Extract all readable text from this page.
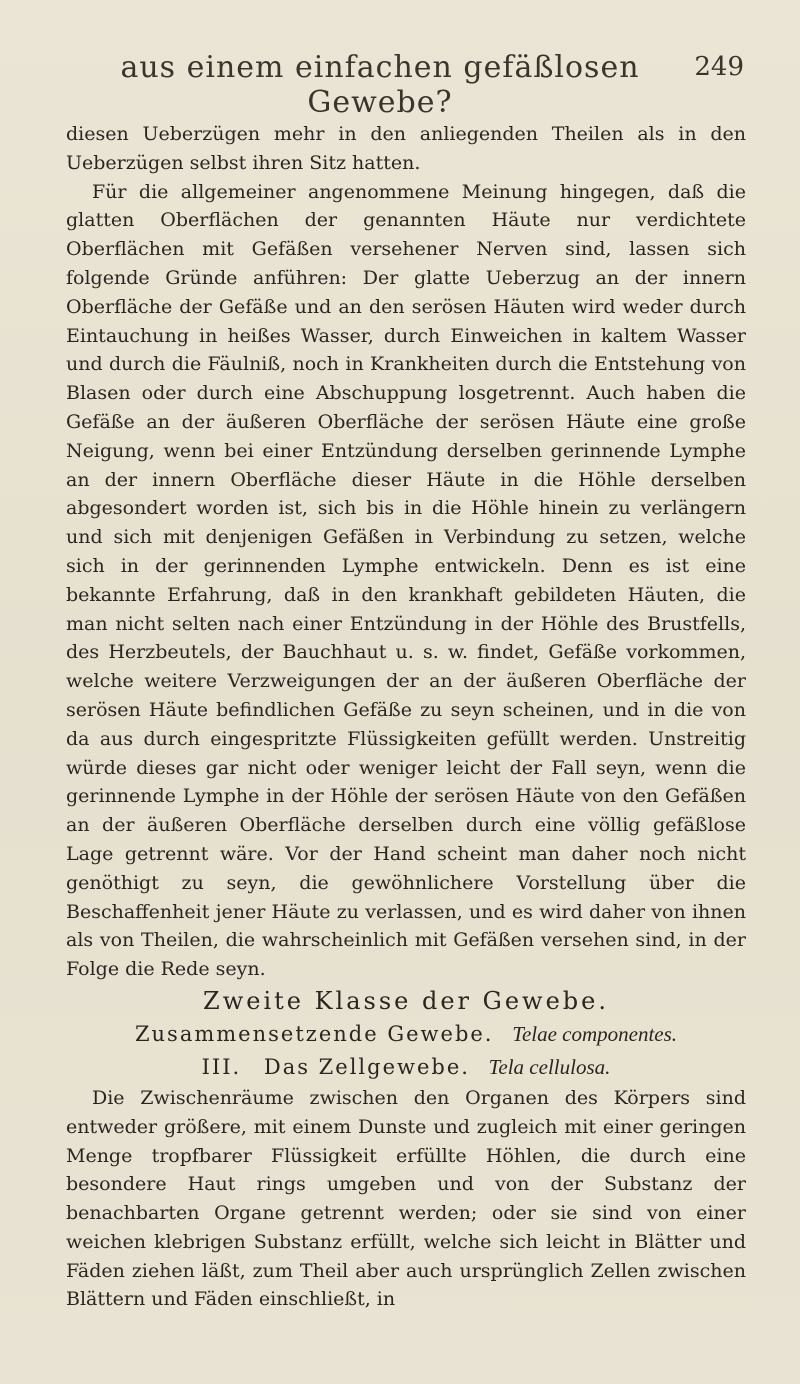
aus einem einfachen gefäßlosen Gewebe?
249

diesen Ueberzügen mehr in den anliegenden Theilen als in den Ueberzügen selbst ihren Sitz hatten.

Für die allgemeiner angenommene Meinung hingegen, daß die glatten Oberflächen der genannten Häute nur verdichtete Oberflächen mit Gefäßen versehener Nerven sind, lassen sich folgende Gründe anführen: Der glatte Ueberzug an der innern Oberfläche der Gefäße und an den serösen Häuten wird weder durch Eintauchung in heißes Wasser, durch Einweichen in kaltem Wasser und durch die Fäulniß, noch in Krankheiten durch die Entstehung von Blasen oder durch eine Abschuppung losgetrennt. Auch haben die Gefäße an der äußeren Oberfläche der serösen Häute eine große Neigung, wenn bei einer Entzündung derselben gerinnende Lymphe an der innern Oberfläche dieser Häute in die Höhle derselben abgesondert worden ist, sich bis in die Höhle hinein zu verlängern und sich mit denjenigen Gefäßen in Verbindung zu setzen, welche sich in der gerinnenden Lymphe entwickeln. Denn es ist eine bekannte Erfahrung, daß in den krankhaft gebildeten Häuten, die man nicht selten nach einer Entzündung in der Höhle des Brustfells, des Herzbeutels, der Bauchhaut u. s. w. findet, Gefäße vorkommen, welche weitere Verzweigungen der an der äußeren Oberfläche der serösen Häute befindlichen Gefäße zu seyn scheinen, und in die von da aus durch eingespritzte Flüssigkeiten gefüllt werden. Unstreitig würde dieses gar nicht oder weniger leicht der Fall seyn, wenn die gerinnende Lymphe in der Höhle der serösen Häute von den Gefäßen an der äußeren Oberfläche derselben durch eine völlig gefäßlose Lage getrennt wäre. Vor der Hand scheint man daher noch nicht genöthigt zu seyn, die gewöhnlichere Vorstellung über die Beschaffenheit jener Häute zu verlassen, und es wird daher von ihnen als von Theilen, die wahrscheinlich mit Gefäßen versehen sind, in der Folge die Rede seyn.

Zweite Klasse der Gewebe.

Zusammensetzende Gewebe. Telae componentes.

III. Das Zellgewebe. Tela cellulosa.

Die Zwischenräume zwischen den Organen des Körpers sind entweder größere, mit einem Dunste und zugleich mit einer geringen Menge tropfbarer Flüssigkeit erfüllte Höhlen, die durch eine besondere Haut rings umgeben und von der Substanz der benachbarten Organe getrennt werden; oder sie sind von einer weichen klebrigen Substanz erfüllt, welche sich leicht in Blätter und Fäden ziehen läßt, zum Theil aber auch ursprünglich Zellen zwischen Blättern und Fäden einschließt, in
